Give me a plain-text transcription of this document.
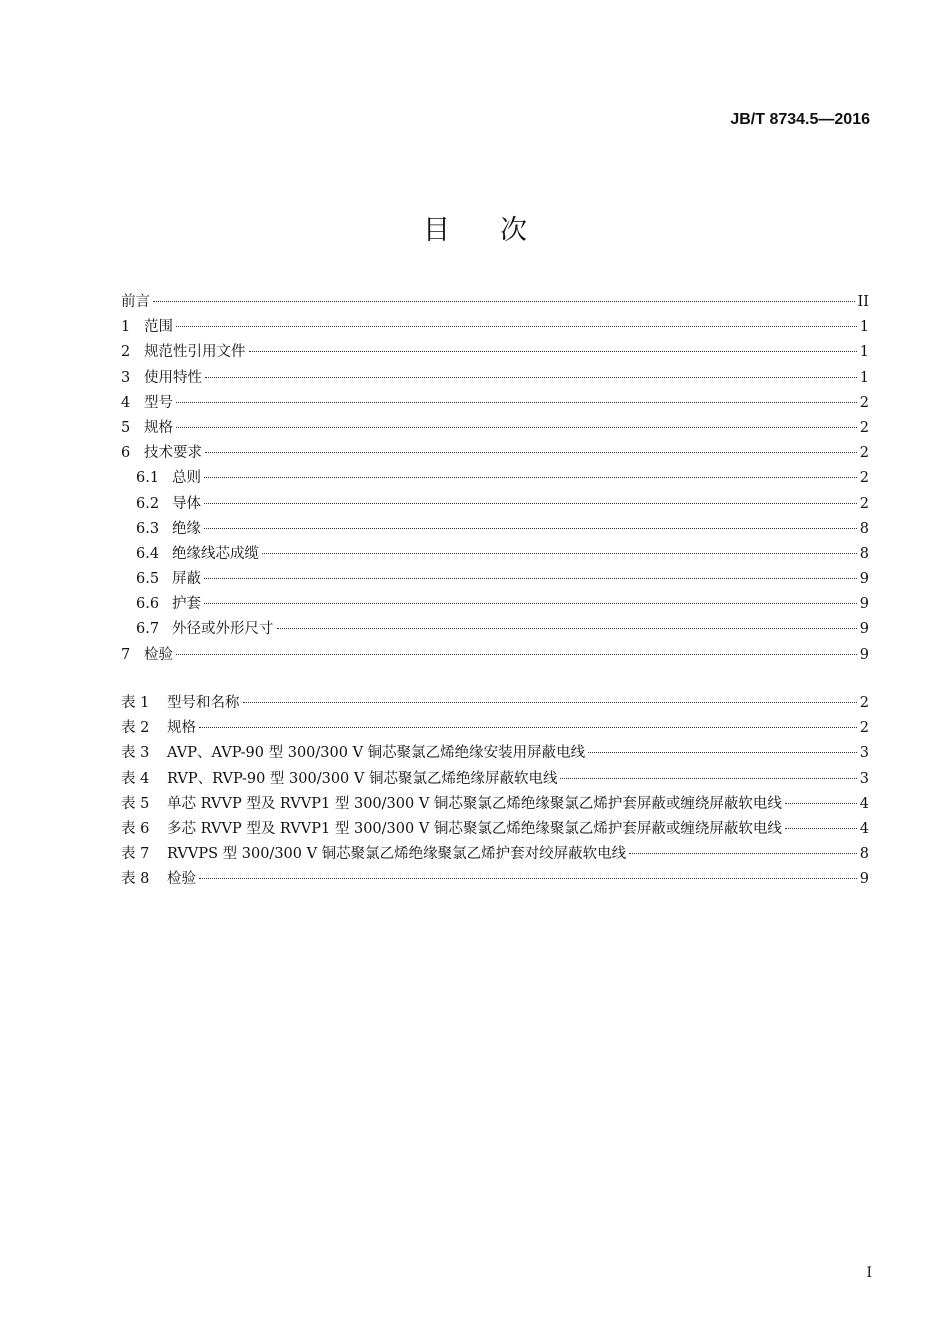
JB/T 8734.5—2016
目次
前言	II
1 范围	1
2 规范性引用文件	1
3 使用特性	1
4 型号	2
5 规格	2
6 技术要求	2
6.1 总则	2
6.2 导体	2
6.3 绝缘	8
6.4 绝缘线芯成缆	8
6.5 屏蔽	9
6.6 护套	9
6.7 外径或外形尺寸	9
7 检验	9
表 1	型号和名称	2
表 2	规格	2
表 3	AVP、AVP-90 型 300/300 V 铜芯聚氯乙烯绝缘安装用屏蔽电线	3
表 4	RVP、RVP-90 型 300/300 V 铜芯聚氯乙烯绝缘屏蔽软电线	3
表 5	单芯 RVVP 型及 RVVP1 型 300/300 V 铜芯聚氯乙烯绝缘聚氯乙烯护套屏蔽或缠绕屏蔽软电线	4
表 6	多芯 RVVP 型及 RVVP1 型 300/300 V 铜芯聚氯乙烯绝缘聚氯乙烯护套屏蔽或缠绕屏蔽软电线	4
表 7	RVVPS 型 300/300 V 铜芯聚氯乙烯绝缘聚氯乙烯护套对绞屏蔽软电线	8
表 8	检验	9
I
